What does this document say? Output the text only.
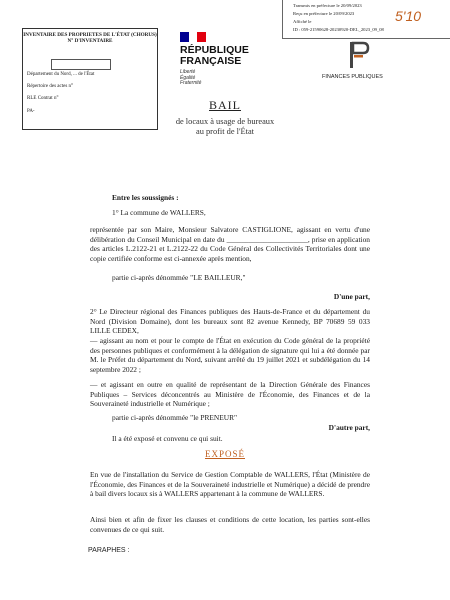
INVENTAIRE DES PROPRIETES DE L'ÉTAT (CHORUS) N° D'INVENTAIRE
Département du Nord, ... de l'État
Répertoire des actes n°
RLE Contrat n°
PA-
Transmis en préfecture le 20/09/2023
Reçu en préfecture le 20/09/2023
Affiché le
ID : 059-21590628-20230920-DEL_2023_09_08
5'10
RÉPUBLIQUE
FRANÇAISE
Liberté
Égalité
Fraternité
FINANCES PUBLIQUES
BAIL
de locaux à usage de bureaux
au profit de l'État
Entre les soussignés :
1° La commune de WALLERS,
représentée par son Maire, Monsieur Salvatore CASTIGLIONE, agissant en vertu d'une délibération du Conseil Municipal en date du ______________________, prise en application des articles L.2122-21 et L.2122-22 du Code Général des Collectivités Territoriales dont une copie certifiée conforme est ci-annexée après mention,
partie ci-après dénommée "LE BAILLEUR,"
D'une part,
2° Le Directeur régional des Finances publiques des Hauts-de-France et du département du Nord (Division Domaine), dont les bureaux sont 82 avenue Kennedy, BP 70689 59 033 LILLE CEDEX,
— agissant au nom et pour le compte de l'État en exécution du Code général de la propriété des personnes publiques et conformément à la délégation de signature qui lui a été donnée par M. le Préfet du département du Nord, suivant arrêté du 19 juillet 2021 et subdélégation du 14 septembre 2022 ;
— et agissant en outre en qualité de représentant de la Direction Générale des Finances Publiques – Services déconcentrés au Ministère de l'Économie, des Finances et de la Souveraineté industrielle et Numérique ;
partie ci-après dénommée "le PRENEUR"
D'autre part,
Il a été exposé et convenu ce qui suit.
EXPOSÉ
En vue de l'installation du Service de Gestion Comptable de WALLERS, l'État (Ministère de l'Économie, des Finances et de la Souveraineté industrielle et Numérique) a décidé de prendre à bail divers locaux sis à WALLERS appartenant à la commune de WALLERS.
Ainsi bien et afin de fixer les clauses et conditions de cette location, les parties sont-elles convenues de ce qui suit.
PARAPHES :
